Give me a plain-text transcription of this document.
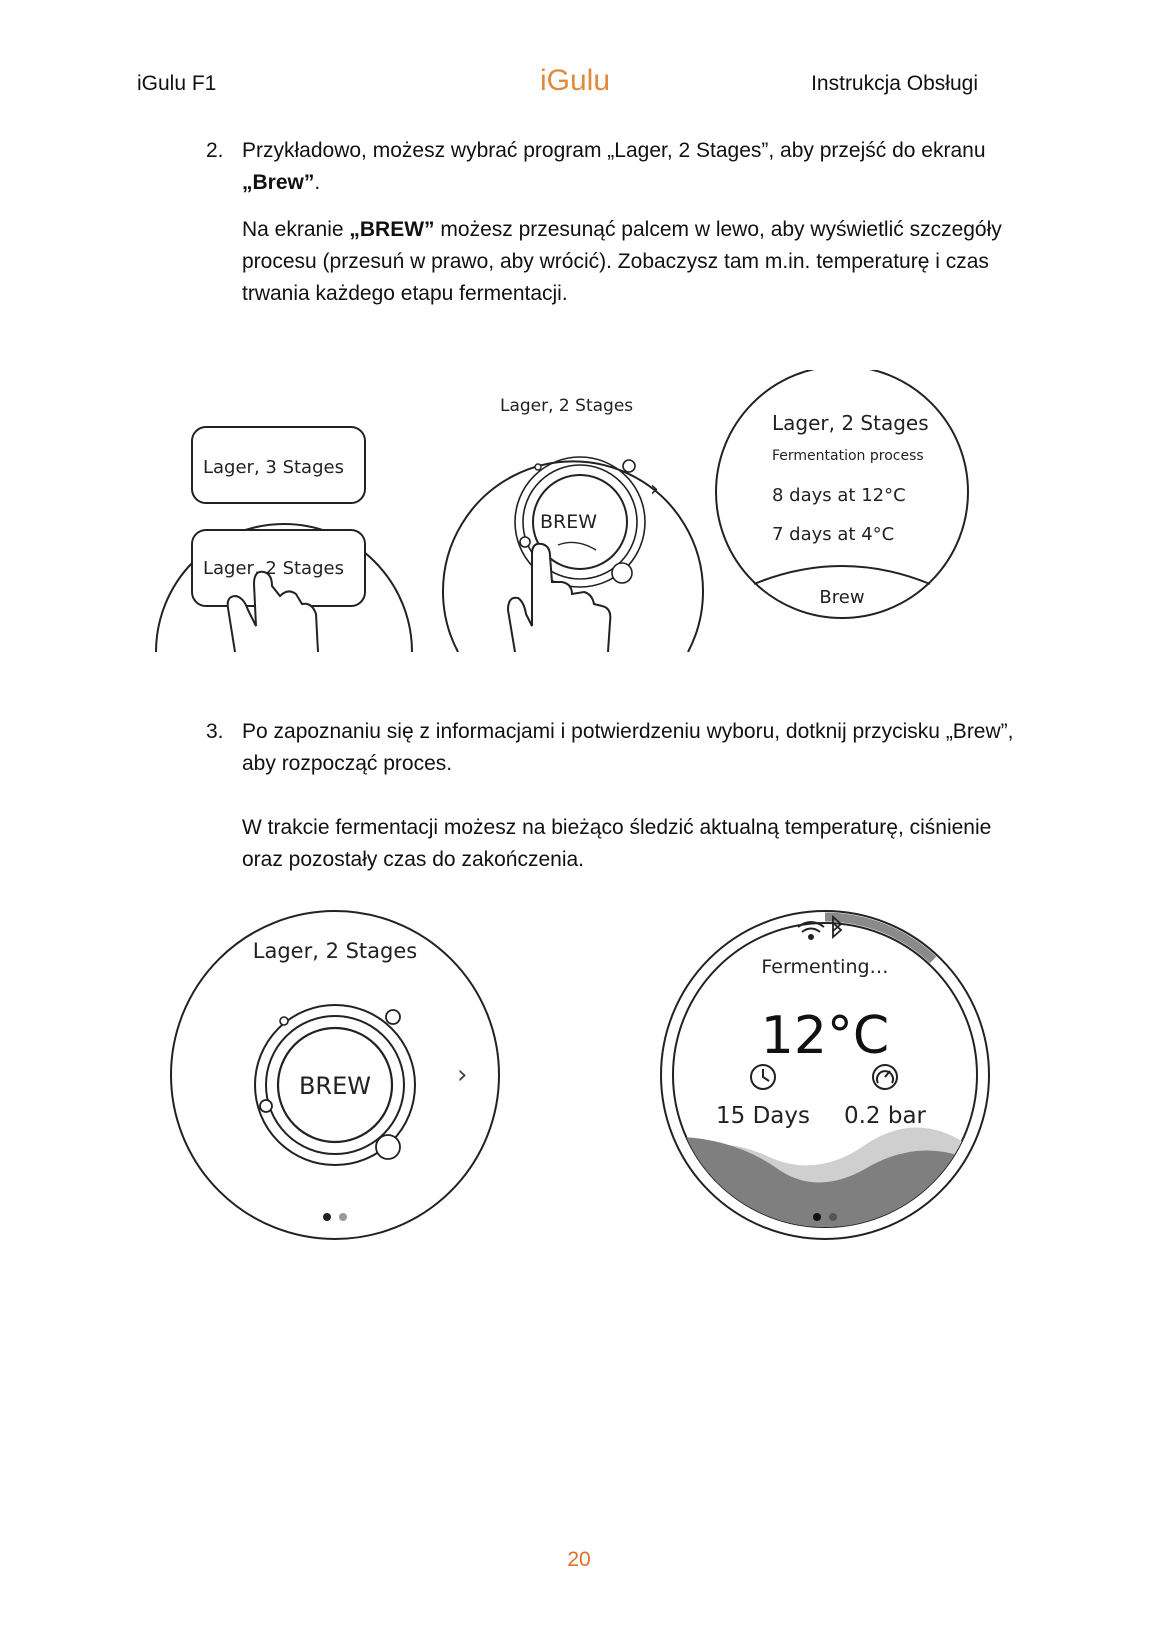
iGulu F1	iGulu	Instrukcja Obsługi
2. Przykładowo, możesz wybrać program „Lager, 2 Stages”, aby przejść do ekranu „Brew”.

Na ekranie „BREW” możesz przesunąć palcem w lewo, aby wyświetlić szczegóły procesu (przesuń w prawo, aby wrócić). Zobaczysz tam m.in. temperaturę i czas trwania każdego etapu fermentacji.

Lager, 3 Stages
Lager, 2 Stages
Lager, 2 Stages
BREW
›
Lager, 2 Stages
Fermentation process
8 days at 12°C
7 days at 4°C
Brew
3. Po zapoznaniu się z informacjami i potwierdzeniu wyboru, dotknij przycisku „Brew”, aby rozpocząć proces.

W trakcie fermentacji możesz na bieżąco śledzić aktualną temperaturę, ciśnienie oraz pozostały czas do zakończenia.

Lager, 2 Stages
BREW	›
Fermenting…
12°C
15 Days 0.2 bar
20
